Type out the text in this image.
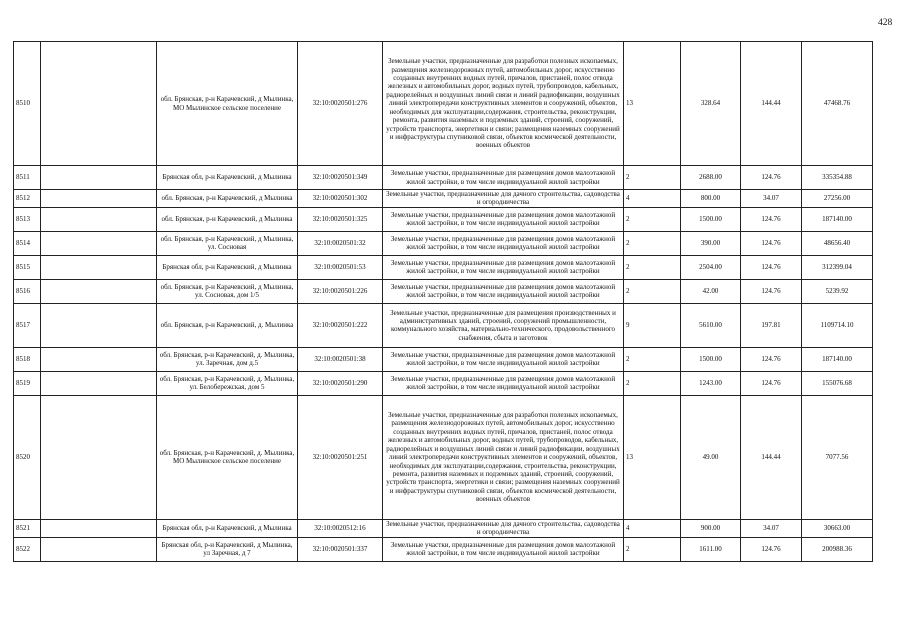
428
8510		обл. Брянская, р-н Карачевский, д Мылинка, МО Мылинское сельское поселение	32:10:0020501:276	Земельные участки, предназначенные для разработки полезных ископаемых, размещения железнодорожных путей, автомобильных дорог, искусственно созданных внутренних водных путей, причалов, пристаней, полос отвода железных и автомобильных дорог, водных путей, трубопроводов, кабельных, радиорелейных и воздушных линий связи и линий радиофикации, воздушных линий электропередачи конструктивных элементов и сооружений, объектов, необходимых для эксплуатации,содержания, строительства, реконструкции, ремонта, развития наземных и подземных зданий, строений, сооружений, устройств транспорта, энергетики и связи; размещения наземных сооружений и инфраструктуры спутниковой связи, объектов космической деятельности, военных объектов	13	328.64	144.44	47468.76
8511		Брянская обл, р-н Карачевский, д Мылинка	32:10:0020501:349	Земельные участки, предназначенные для размещения домов малоэтажной жилой застройки, в том числе индивидуальной жилой застройки	2	2688.00	124.76	335354.88
8512		обл. Брянская, р-н Карачевский, д Мылинка	32:10:0020501:302	Земельные участки, предназначенные для дачного строительства, садоводства и огородничества	4	800.00	34.07	27256.00
8513		обл. Брянская, р-н Карачевский, д Мылинка	32:10:0020501:325	Земельные участки, предназначенные для размещения домов малоэтажной жилой застройки, в том числе индивидуальной жилой застройки	2	1500.00	124.76	187140.00
8514		обл. Брянская, р-н Карачевский, д Мылинка, ул. Сосновая	32:10:0020501:32	Земельные участки, предназначенные для размещения домов малоэтажной жилой застройки, в том числе индивидуальной жилой застройки	2	390.00	124.76	48656.40
8515		Брянская обл, р-н Карачевский, д Мылинка	32:10:0020501:53	Земельные участки, предназначенные для размещения домов малоэтажной жилой застройки, в том числе индивидуальной жилой застройки	2	2504.00	124.76	312399.04
8516		обл. Брянская, р-н Карачевский, д Мылинка, ул. Сосновая, дом 1/5	32:10:0020501:226	Земельные участки, предназначенные для размещения домов малоэтажной жилой застройки, в том числе индивидуальной жилой застройки	2	42.00	124.76	5239.92
8517		обл. Брянская, р-н Карачевский, д. Мылинка	32:10:0020501:222	Земельные участки, предназначенные для размещения производственных и административных зданий, строений, сооружений промышленности, коммунального хозяйства, материально-технического, продовольственного снабжения, сбыта и заготовок	9	5610.00	197.81	1109714.10
8518		обл. Брянская, р-н Карачевский, д. Мылинка, ул. Заречная, дом д.5	32:10:0020501:38	Земельные участки, предназначенные для размещения домов малоэтажной жилой застройки, в том числе индивидуальной жилой застройки	2	1500.00	124.76	187140.00
8519		обл. Брянская, р-н Карачевский, д. Мылинка, ул. Белобережская, дом 5	32:10:0020501:290	Земельные участки, предназначенные для размещения домов малоэтажной жилой застройки, в том числе индивидуальной жилой застройки	2	1243.00	124.76	155076.68
8520		обл. Брянская, р-н Карачевский, д. Мылинка, МО Мылинское сельское поселение	32:10:0020501:251	Земельные участки, предназначенные для разработки полезных ископаемых, размещения железнодорожных путей, автомобильных дорог, искусственно созданных внутренних водных путей, причалов, пристаней, полос отвода железных и автомобильных дорог, водных путей, трубопроводов, кабельных, радиорелейных и воздушных линий связи и линий радиофикации, воздушных линий электропередачи конструктивных элементов и сооружений, объектов, необходимых для эксплуатации,содержания, строительства, реконструкции, ремонта, развития наземных и подземных зданий, строений, сооружений, устройств транспорта, энергетики и связи; размещения наземных сооружений и инфраструктуры спутниковой связи, объектов космической деятельности, военных объектов	13	49.00	144.44	7077.56
8521		Брянская обл, р-н Карачевский, д Мылинка	32:10:0020512:16	Земельные участки, предназначенные для дачного строительства, садоводства и огородничества	4	900.00	34.07	30663.00
8522		Брянская обл, р-н Карачевский, д Мылинка, ул Заречная, д 7	32:10:0020501:337	Земельные участки, предназначенные для размещения домов малоэтажной жилой застройки, в том числе индивидуальной жилой застройки	2	1611.00	124.76	200988.36
